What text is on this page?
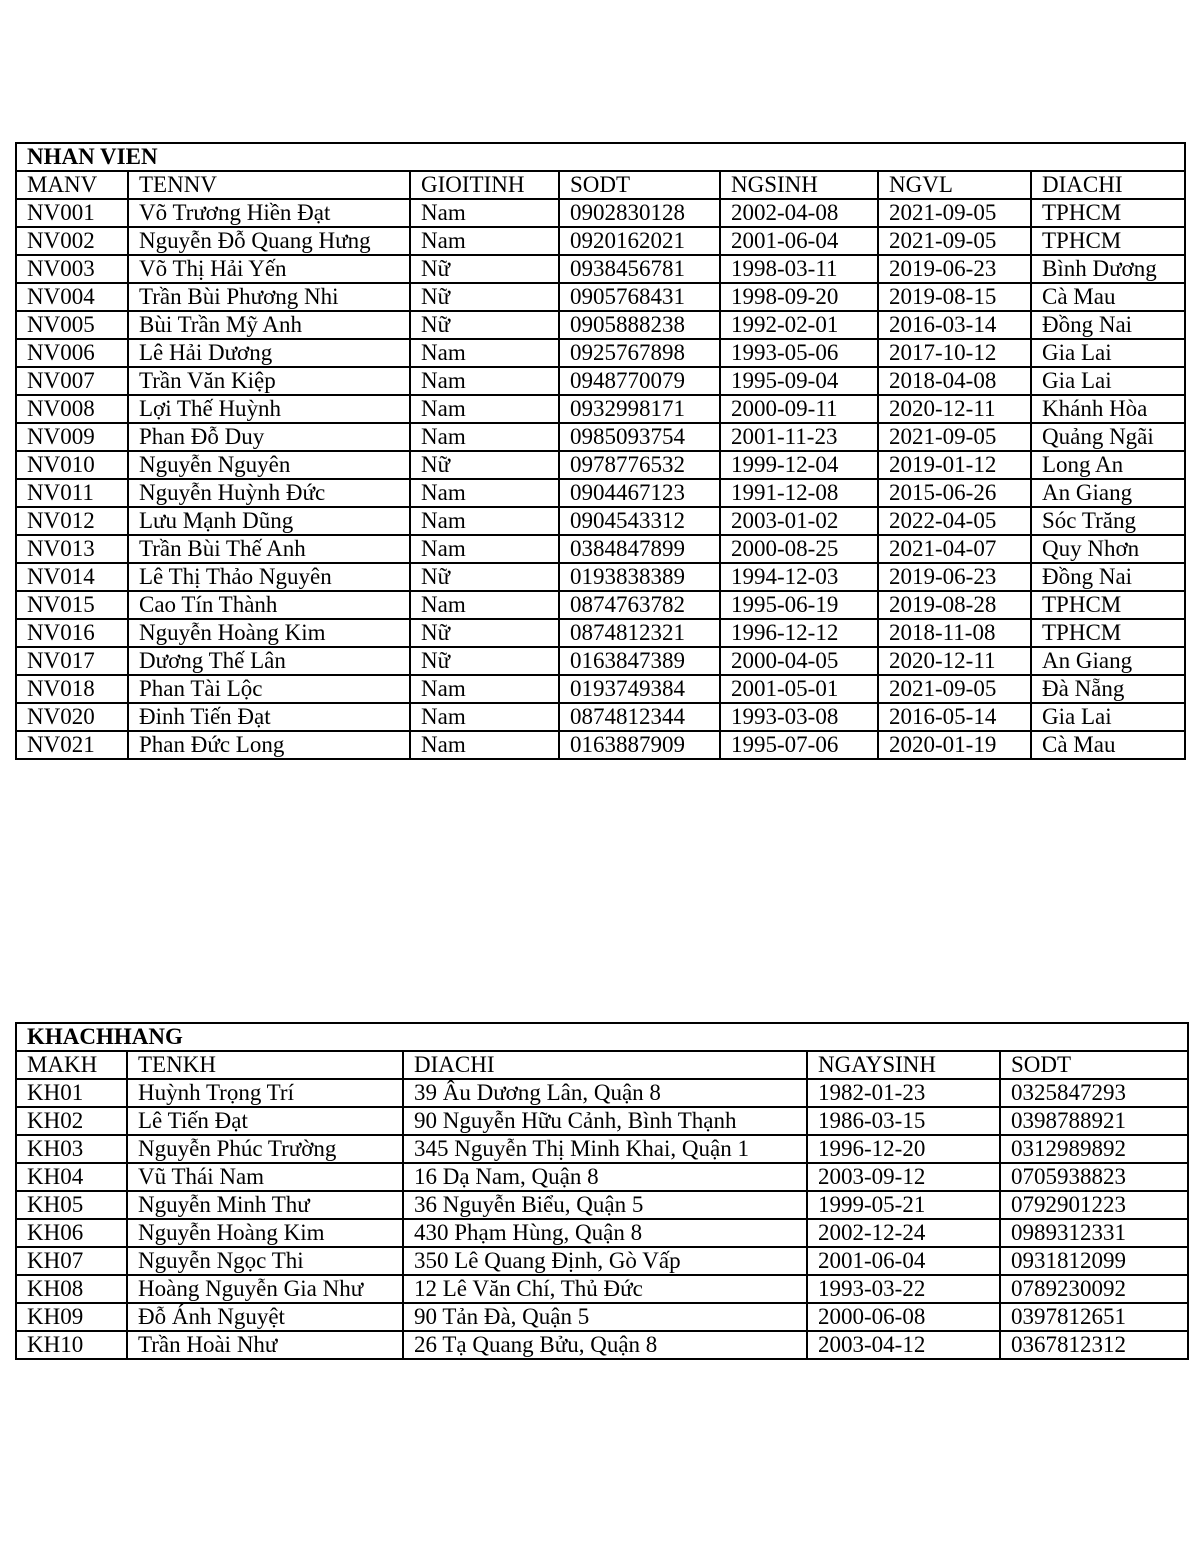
NHAN VIEN						
MANV	TENNV	GIOITINH	SODT	NGSINH	NGVL	DIACHI
NV001	Võ Trương Hiền Đạt	Nam	0902830128	2002-04-08	2021-09-05	TPHCM
NV002	Nguyễn Đỗ Quang Hưng	Nam	0920162021	2001-06-04	2021-09-05	TPHCM
NV003	Võ Thị Hải Yến	Nữ	0938456781	1998-03-11	2019-06-23	Bình Dương
NV004	Trần Bùi Phương Nhi	Nữ	0905768431	1998-09-20	2019-08-15	Cà Mau
NV005	Bùi Trần Mỹ Anh	Nữ	0905888238	1992-02-01	2016-03-14	Đồng Nai
NV006	Lê Hải Dương	Nam	0925767898	1993-05-06	2017-10-12	Gia Lai
NV007	Trần Văn Kiệp	Nam	0948770079	1995-09-04	2018-04-08	Gia Lai
NV008	Lợi Thế Huỳnh	Nam	0932998171	2000-09-11	2020-12-11	Khánh Hòa
NV009	Phan Đỗ Duy	Nam	0985093754	2001-11-23	2021-09-05	Quảng Ngãi
NV010	Nguyễn Nguyên	Nữ	0978776532	1999-12-04	2019-01-12	Long An
NV011	Nguyễn Huỳnh Đức	Nam	0904467123	1991-12-08	2015-06-26	An Giang
NV012	Lưu Mạnh Dũng	Nam	0904543312	2003-01-02	2022-04-05	Sóc Trăng
NV013	Trần Bùi Thế Anh	Nam	0384847899	2000-08-25	2021-04-07	Quy Nhơn
NV014	Lê Thị Thảo Nguyên	Nữ	0193838389	1994-12-03	2019-06-23	Đồng Nai
NV015	Cao Tín Thành	Nam	0874763782	1995-06-19	2019-08-28	TPHCM
NV016	Nguyễn Hoàng Kim	Nữ	0874812321	1996-12-12	2018-11-08	TPHCM
NV017	Dương Thế Lân	Nữ	0163847389	2000-04-05	2020-12-11	An Giang
NV018	Phan Tài Lộc	Nam	0193749384	2001-05-01	2021-09-05	Đà Nẵng
NV020	Đinh Tiến Đạt	Nam	0874812344	1993-03-08	2016-05-14	Gia Lai
NV021	Phan Đức Long	Nam	0163887909	1995-07-06	2020-01-19	Cà Mau
KHACHHANG				
MAKH	TENKH	DIACHI	NGAYSINH	SODT
KH01	Huỳnh Trọng Trí	39 Âu Dương Lân, Quận 8	1982-01-23	0325847293
KH02	Lê Tiến Đạt	90 Nguyễn Hữu Cảnh, Bình Thạnh	1986-03-15	0398788921
KH03	Nguyễn Phúc Trường	345 Nguyễn Thị Minh Khai, Quận 1	1996-12-20	0312989892
KH04	Vũ Thái Nam	16 Dạ Nam, Quận 8	2003-09-12	0705938823
KH05	Nguyễn Minh Thư	36 Nguyễn Biểu, Quận 5	1999-05-21	0792901223
KH06	Nguyễn Hoàng Kim	430 Phạm Hùng, Quận 8	2002-12-24	0989312331
KH07	Nguyễn Ngọc Thi	350 Lê Quang Định, Gò Vấp	2001-06-04	0931812099
KH08	Hoàng Nguyễn Gia Như	12 Lê Văn Chí, Thủ Đức	1993-03-22	0789230092
KH09	Đỗ Ánh Nguyệt	90 Tản Đà, Quận 5	2000-06-08	0397812651
KH10	Trần Hoài Như	26 Tạ Quang Bửu, Quận 8	2003-04-12	0367812312
